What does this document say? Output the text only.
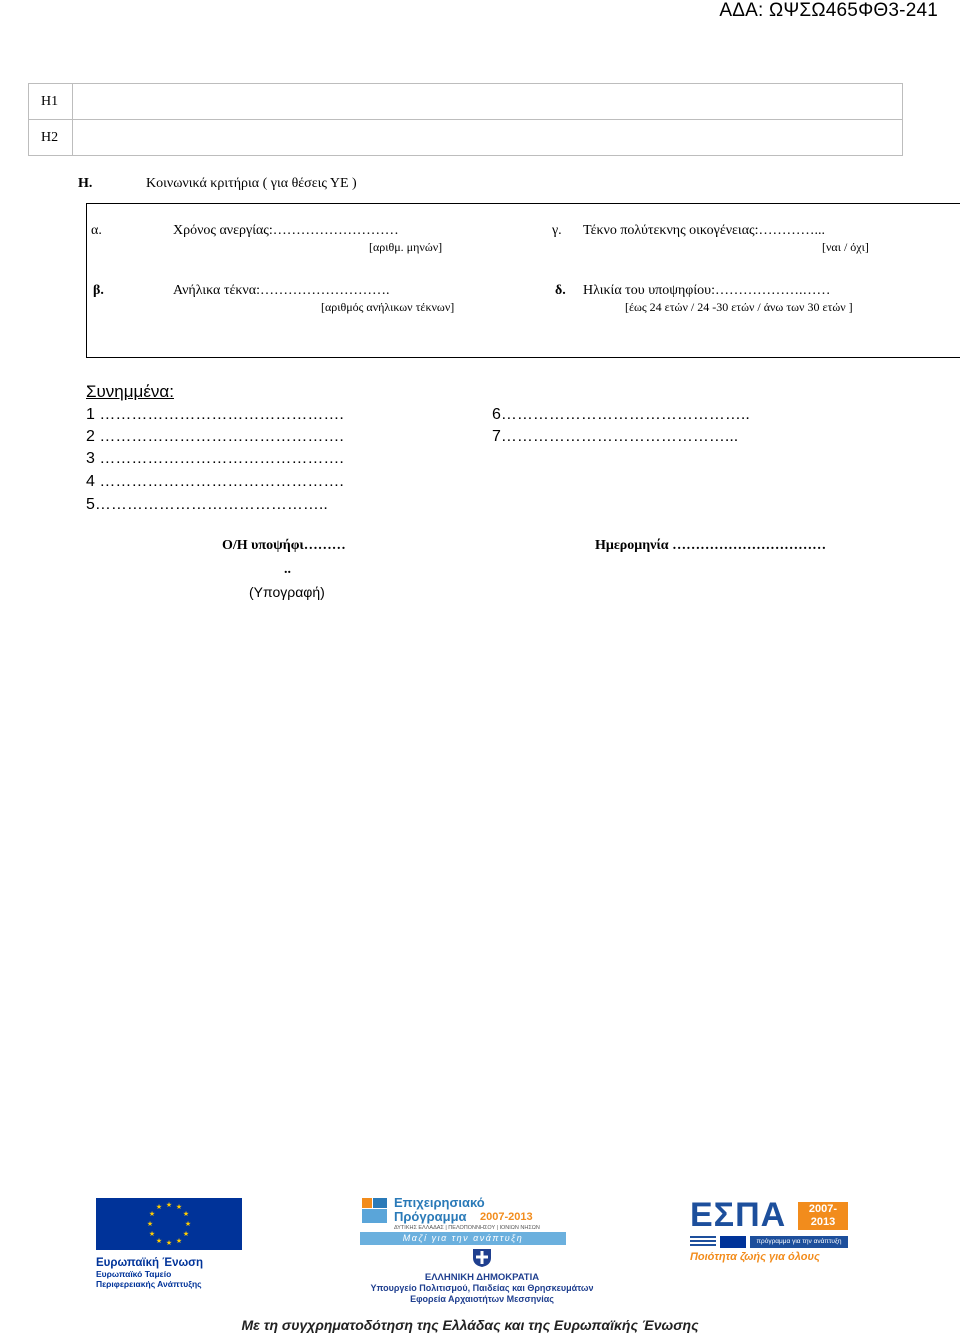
ΑΔΑ: ΩΨΣΩ465ΦΘ3-241
Η1	
Η2	
Η.	Κοινωνικά κριτήρια ( για θέσεις ΥΕ )
α.	Χρόνος ανεργίας:………………………
[αριθμ. μηνών]
γ. Τέκνο πολύτεκνης οικογένειας:…………...
[ναι / όχι]
β.	Ανήλικα τέκνα:……………………….
[αριθμός ανήλικων τέκνων]
δ. Ηλικία του υποψηφίου:……………….……
[έως 24 ετών / 24 -30 ετών / άνω των 30 ετών ]
Συνημμένα:
1 ……………………………………….
2 ……………………………………….
3 ……………………………………….
4 ……………………………………….
5……………………………………..
6………………………………………..
7……………………………………...
Ο/Η υποψήφι………
..
(Υπογραφή)
Ημερομηνία ……………………………
★ ★
★
★
★
★
★
★
★
★
★
★
Ευρωπαϊκή Ένωση
Ευρωπαϊκό Ταμείο
Περιφερειακής Ανάπτυξης
Επιχειρησιακό
Πρόγραμμα 2007-2013
ΔΥΤΙΚΗΣ ΕΛΛΑΔΑΣ | ΠΕΛΟΠΟΝΝΗΣΟΥ | ΙΟΝΙΩΝ ΝΗΣΩΝ
Μαζί για την ανάπτυξη
ΕΛΛΗΝΙΚΗ ΔΗΜΟΚΡΑΤΙΑ
Υπουργείο Πολιτισμού, Παιδείας και Θρησκευμάτων
Εφορεία Αρχαιοτήτων Μεσσηνίας
ΕΣΠΑ	2007-2013
πρόγραμμα για την ανάπτυξη
Ποιότητα ζωής για όλους
Με τη συγχρηματοδότηση της Ελλάδας και της Ευρωπαϊκής Ένωσης
